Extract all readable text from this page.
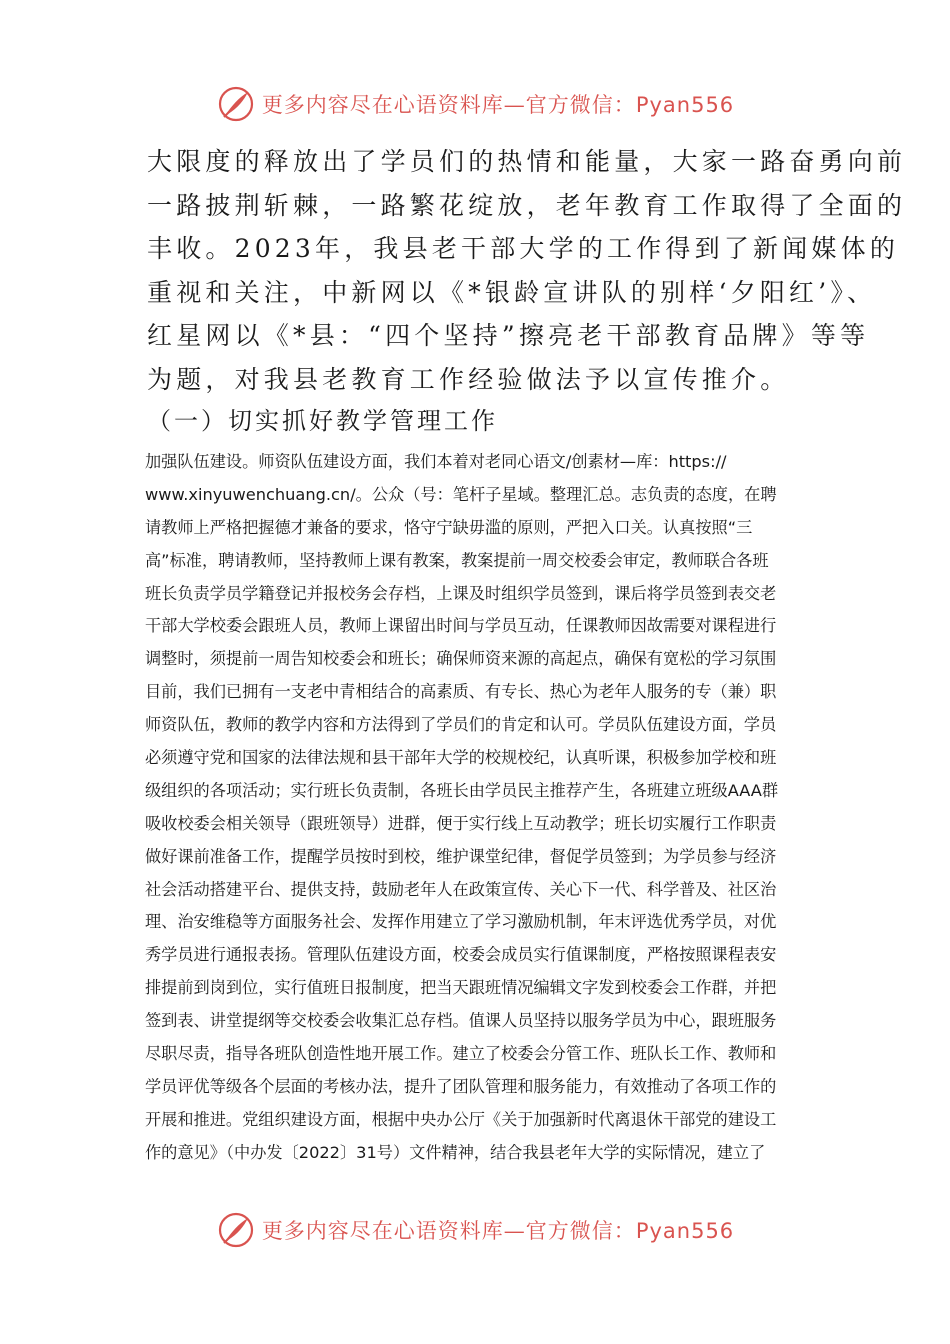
更多内容尽在心语资料库—官方微信：Pyan556
大限度的释放出了学员们的热情和能量，大家一路奋勇向前
一路披荆斩棘，一路繁花绽放，老年教育工作取得了全面的
丰收。2023年，我县老干部大学的工作得到了新闻媒体的
重视和关注，中新网以《*银龄宣讲队的别样‘夕阳红’》、
红星网以《*县：“四个坚持”擦亮老干部教育品牌》等等
为题，对我县老教育工作经验做法予以宣传推介。
（一）切实抓好教学管理工作
加强队伍建设。师资队伍建设方面，我们本着对老同心语文/创素材—库：https://
www.xinyuwenchuang.cn/。公众（号：笔杆子星域。整理汇总。志负责的态度，在聘
请教师上严格把握德才兼备的要求，恪守宁缺毋滥的原则，严把入口关。认真按照“三
高”标准，聘请教师，坚持教师上课有教案，教案提前一周交校委会审定，教师联合各班
班长负责学员学籍登记并报校务会存档，上课及时组织学员签到，课后将学员签到表交老
干部大学校委会跟班人员，教师上课留出时间与学员互动，任课教师因故需要对课程进行
调整时，须提前一周告知校委会和班长；确保师资来源的高起点，确保有宽松的学习氛围
目前，我们已拥有一支老中青相结合的高素质、有专长、热心为老年人服务的专（兼）职
师资队伍，教师的教学内容和方法得到了学员们的肯定和认可。学员队伍建设方面，学员
必须遵守党和国家的法律法规和县干部年大学的校规校纪，认真听课，积极参加学校和班
级组织的各项活动；实行班长负责制，各班长由学员民主推荐产生，各班建立班级AAA群
吸收校委会相关领导（跟班领导）进群，便于实行线上互动教学；班长切实履行工作职责
做好课前准备工作，提醒学员按时到校，维护课堂纪律，督促学员签到；为学员参与经济
社会活动搭建平台、提供支持，鼓励老年人在政策宣传、关心下一代、科学普及、社区治
理、治安维稳等方面服务社会、发挥作用建立了学习激励机制，年末评选优秀学员，对优
秀学员进行通报表扬。管理队伍建设方面，校委会成员实行值课制度，严格按照课程表安
排提前到岗到位，实行值班日报制度，把当天跟班情况编辑文字发到校委会工作群，并把
签到表、讲堂提纲等交校委会收集汇总存档。值课人员坚持以服务学员为中心，跟班服务
尽职尽责，指导各班队创造性地开展工作。建立了校委会分管工作、班队长工作、教师和
学员评优等级各个层面的考核办法，提升了团队管理和服务能力，有效推动了各项工作的
开展和推进。党组织建设方面，根据中央办公厅《关于加强新时代离退休干部党的建设工
作的意见》（中办发〔2022〕31号）文件精神，结合我县老年大学的实际情况，建立了
更多内容尽在心语资料库—官方微信：Pyan556
